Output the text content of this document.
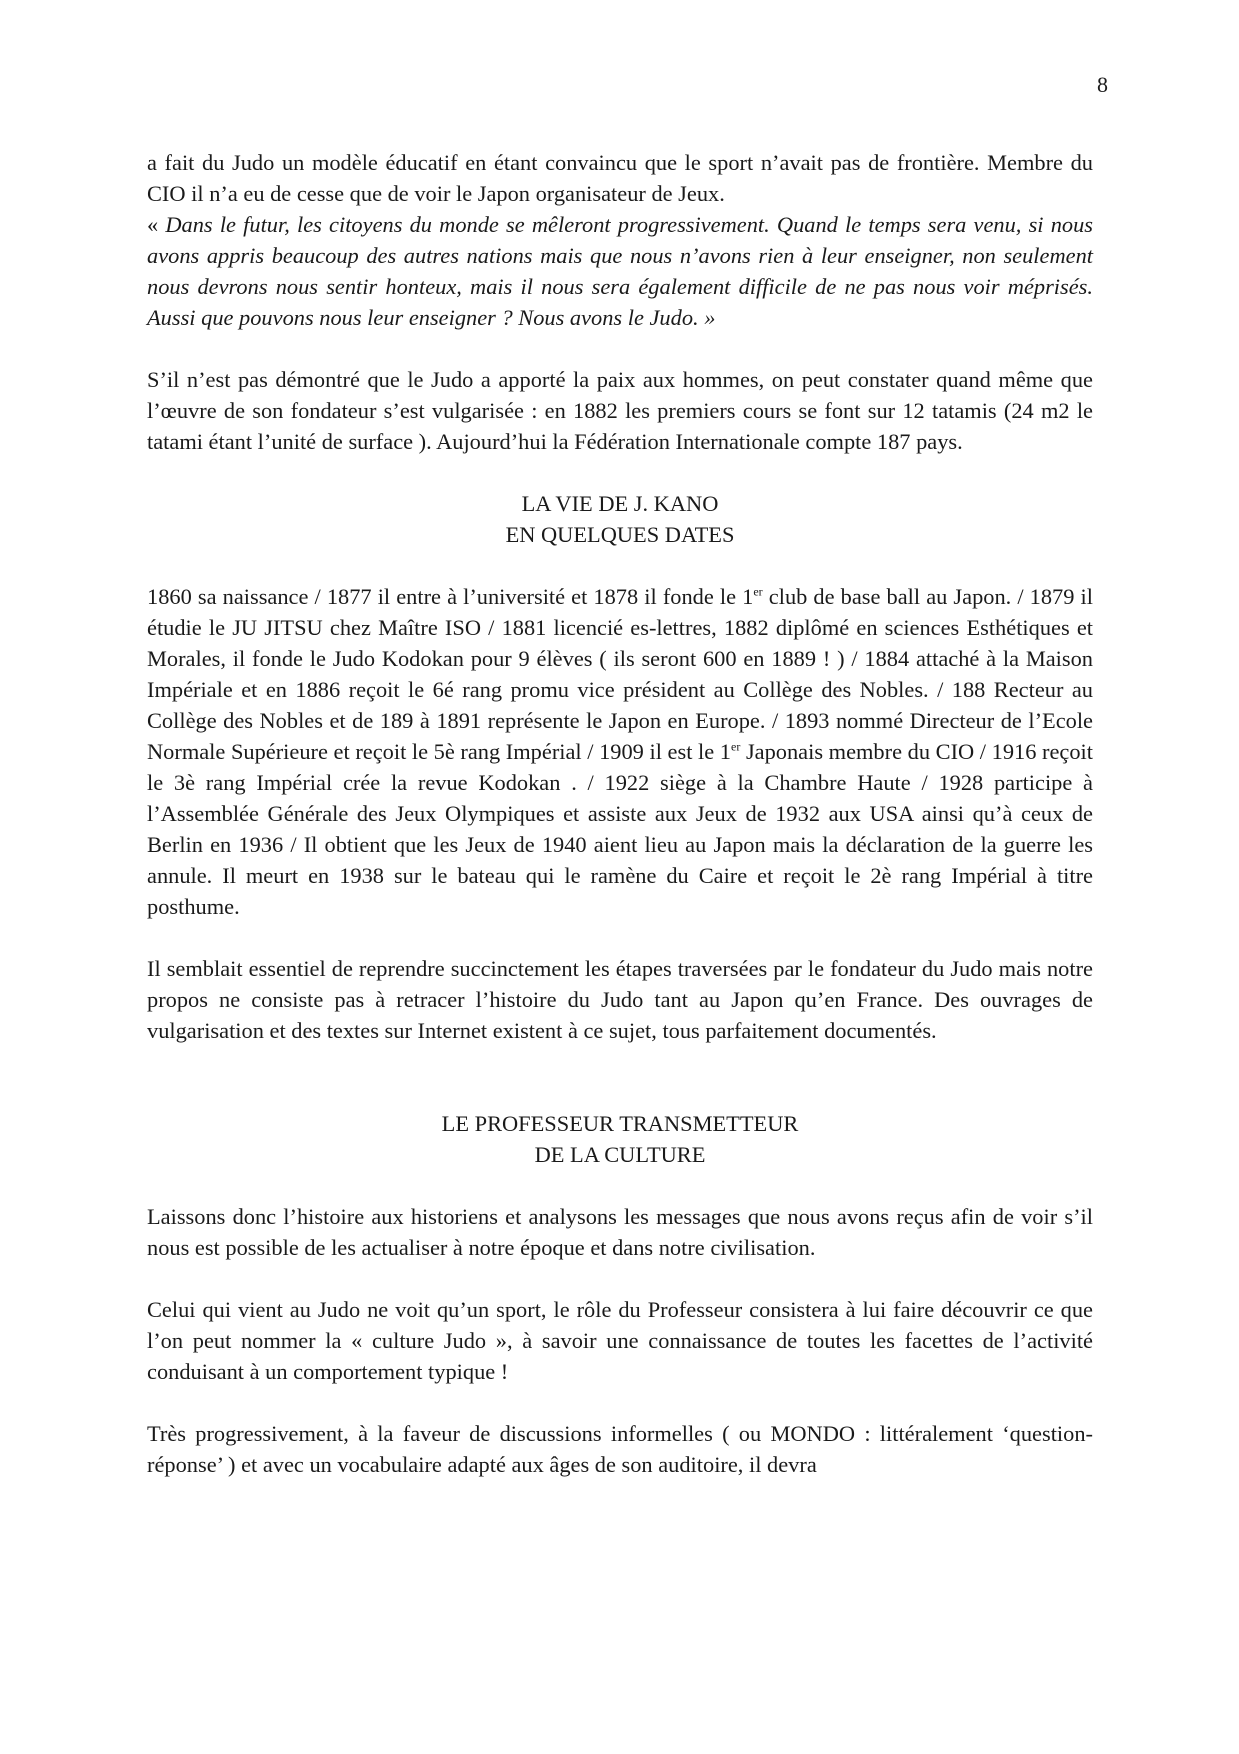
8

a fait du Judo un modèle éducatif en étant convaincu que le sport n’avait pas de frontière. Membre du CIO il n’a eu de cesse que de voir le Japon organisateur de Jeux.
« Dans le futur, les citoyens du monde se mêleront progressivement. Quand le temps sera venu, si nous avons appris beaucoup des autres nations mais que nous n’avons rien à leur enseigner, non seulement nous devrons nous sentir honteux, mais il nous sera également difficile de ne pas nous voir méprisés. Aussi que pouvons nous leur enseigner ? Nous avons le Judo. »

S’il n’est pas démontré que le Judo a apporté la paix aux hommes, on peut constater quand même que l’œuvre de son fondateur s’est vulgarisée : en 1882 les premiers cours se font sur 12 tatamis (24 m2 le tatami étant l’unité de surface ). Aujourd’hui la Fédération Internationale compte 187 pays.

LA VIE DE J. KANO
EN QUELQUES DATES

1860 sa naissance / 1877 il entre à l’université et 1878 il fonde le 1er club de base ball au Japon. / 1879 il étudie le JU JITSU chez Maître ISO / 1881 licencié es-lettres, 1882 diplômé en sciences Esthétiques et Morales, il fonde le Judo Kodokan pour 9 élèves ( ils seront 600 en 1889 ! ) / 1884 attaché à la Maison Impériale et en 1886 reçoit le 6é rang promu vice président au Collège des Nobles. / 188 Recteur au Collège des Nobles et de 189 à 1891 représente le Japon en Europe. / 1893 nommé Directeur de l’Ecole Normale Supérieure et reçoit le 5è rang Impérial / 1909 il est le 1er Japonais membre du CIO / 1916 reçoit le 3è rang Impérial crée la revue Kodokan . / 1922 siège à la Chambre Haute / 1928 participe à l’Assemblée Générale des Jeux Olympiques et assiste aux Jeux de 1932 aux USA ainsi qu’à ceux de Berlin en 1936 / Il obtient que les Jeux de 1940 aient lieu au Japon mais la déclaration de la guerre les annule. Il meurt en 1938 sur le bateau qui le ramène du Caire et reçoit le 2è rang Impérial à titre posthume.

Il semblait essentiel de reprendre succinctement les étapes traversées par le fondateur du Judo mais notre propos ne consiste pas à retracer l’histoire du Judo tant au Japon qu’en France. Des ouvrages de vulgarisation et des textes sur Internet existent à ce sujet, tous parfaitement documentés.

LE PROFESSEUR TRANSMETTEUR
DE LA CULTURE

Laissons donc l’histoire aux historiens et analysons les messages que nous avons reçus afin de voir s’il nous est possible de les actualiser à notre époque et dans notre civilisation.

Celui qui vient au Judo ne voit qu’un sport, le rôle du Professeur consistera à lui faire découvrir ce que l’on peut nommer la « culture Judo », à savoir une connaissance de toutes les facettes de l’activité conduisant à un comportement typique !

Très progressivement, à la faveur de discussions informelles ( ou MONDO : littéralement ‘question-réponse’ ) et avec un vocabulaire adapté aux âges de son auditoire, il devra
